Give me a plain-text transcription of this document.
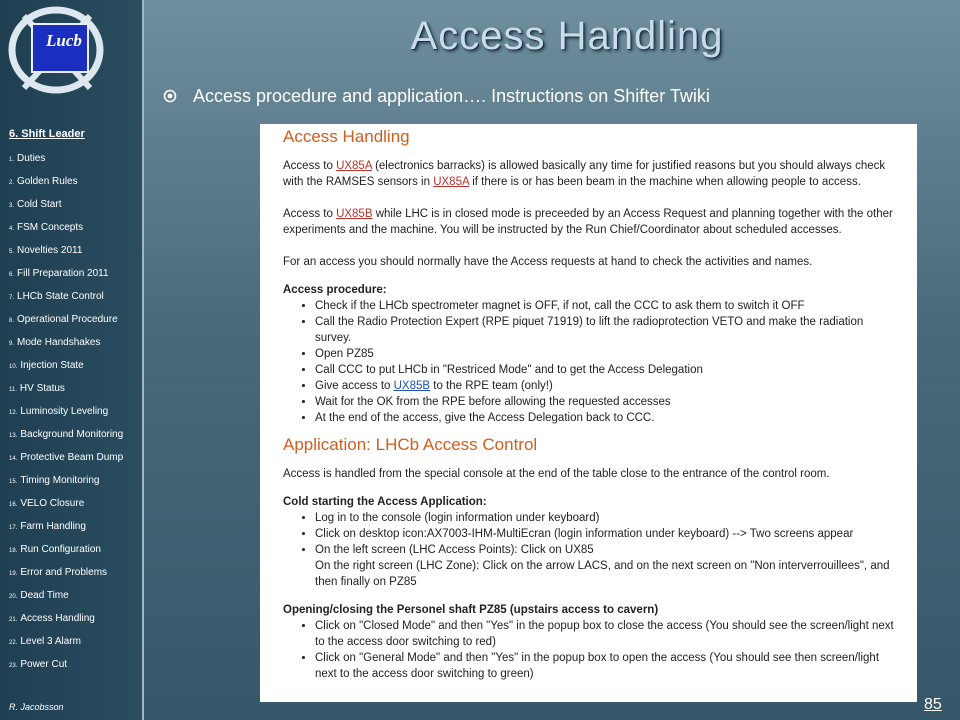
Lucb
6. Shift Leader
1. Duties
2. Golden Rules
3. Cold Start
4. FSM Concepts
5. Novelties 2011
6. Fill Preparation 2011
7. LHCb State Control
8. Operational Procedure
9. Mode Handshakes
10. Injection State
11. HV Status
12. Luminosity Leveling
13. Background Monitoring
14. Protective Beam Dump
15. Timing Monitoring
16. VELO Closure
17. Farm Handling
18. Run Configuration
19. Error and Problems
20. Dead Time
21. Access Handling
22. Level 3 Alarm
23. Power Cut
R. Jacobsson
Access Handling
Access procedure and application…. Instructions on Shifter Twiki
Access Handling

Access to UX85A (electronics barracks) is allowed basically any time for justified reasons but you should always check with the RAMSES sensors in UX85A if there is or has been beam in the machine when allowing people to access.

Access to UX85B while LHC is in closed mode is preceeded by an Access Request and planning together with the other experiments and the machine. You will be instructed by the Run Chief/Coordinator about scheduled accesses.

For an access you should normally have the Access requests at hand to check the activities and names.

Access procedure:

• Check if the LHCb spectrometer magnet is OFF, if not, call the CCC to ask them to switch it OFF
• Call the Radio Protection Expert (RPE piquet 71919) to lift the radioprotection VETO and make the radiation survey.
• Open PZ85
• Call CCC to put LHCb in "Restriced Mode" and to get the Access Delegation
• Give access to UX85B to the RPE team (only!)
• Wait for the OK from the RPE before allowing the requested accesses
• At the end of the access, give the Access Delegation back to CCC.
Application: LHCb Access Control

Access is handled from the special console at the end of the table close to the entrance of the control room.

Cold starting the Access Application:

• Log in to the console (login information under keyboard)
• Click on desktop icon:AX7003-IHM-MultiEcran (login information under keyboard) --> Two screens appear
• On the left screen (LHC Access Points): Click on UX85
On the right screen (LHC Zone): Click on the arrow LACS, and on the next screen on "Non interverrouillees", and then finally on PZ85

Opening/closing the Personel shaft PZ85 (upstairs access to cavern)

• Click on "Closed Mode" and then "Yes" in the popup box to close the access (You should see the screen/light next to the access door switching to red)
• Click on "General Mode" and then "Yes" in the popup box to open the access (You should see then screen/light next to the access door switching to green)
85
